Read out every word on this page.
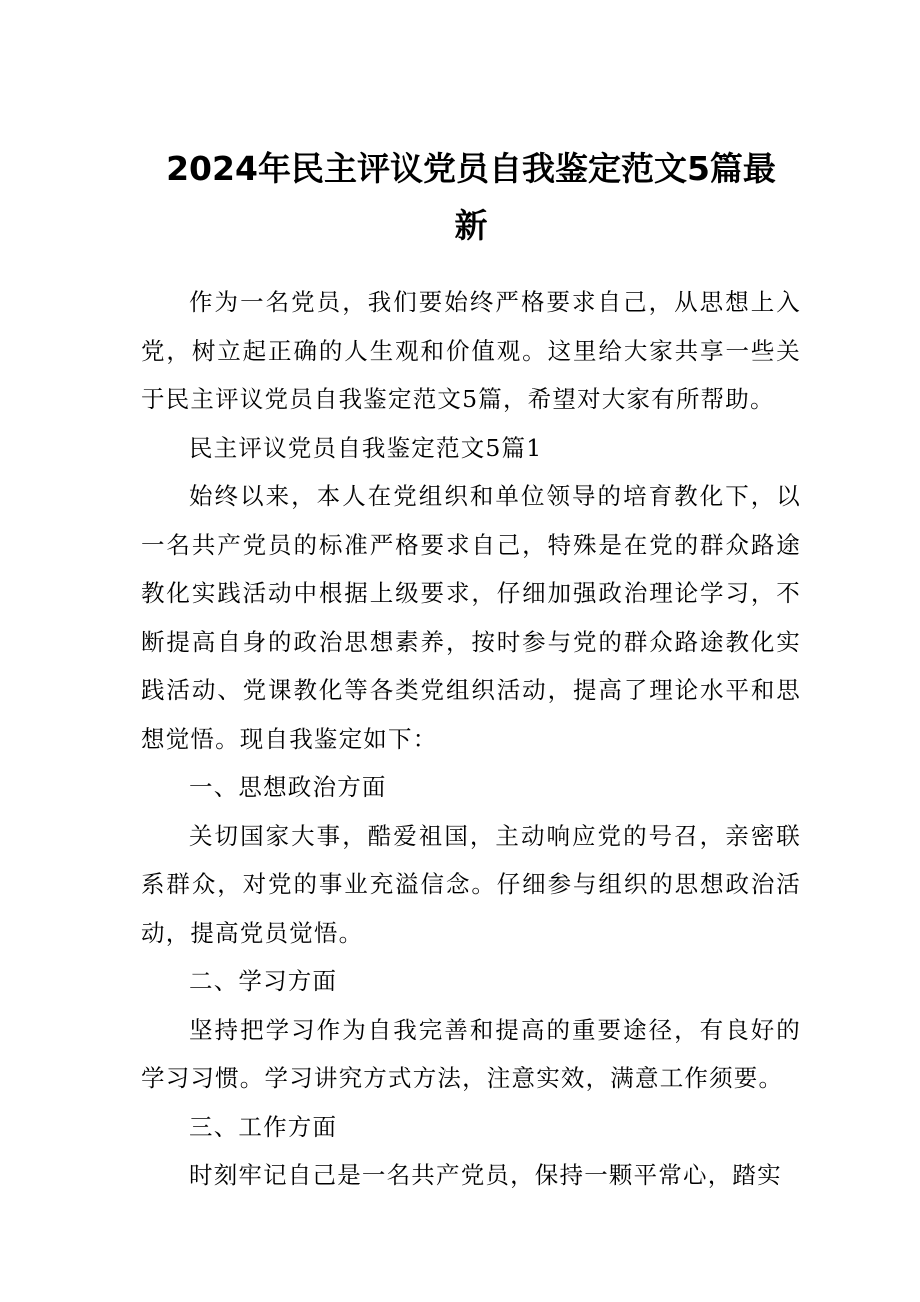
2024年民主评议党员自我鉴定范文5篇最
新

作为一名党员，我们要始终严格要求自己，从思想上入党，树立起正确的人生观和价值观。这里给大家共享一些关于民主评议党员自我鉴定范文5篇，希望对大家有所帮助。

民主评议党员自我鉴定范文5篇1

始终以来，本人在党组织和单位领导的培育教化下，以一名共产党员的标准严格要求自己，特殊是在党的群众路途教化实践活动中根据上级要求，仔细加强政治理论学习，不断提高自身的政治思想素养，按时参与党的群众路途教化实践活动、党课教化等各类党组织活动，提高了理论水平和思想觉悟。现自我鉴定如下：

一、思想政治方面

关切国家大事，酷爱祖国，主动响应党的号召，亲密联系群众，对党的事业充溢信念。仔细参与组织的思想政治活动，提高党员觉悟。

二、学习方面

坚持把学习作为自我完善和提高的重要途径，有良好的学习习惯。学习讲究方式方法，注意实效，满意工作须要。

三、工作方面

时刻牢记自己是一名共产党员，保持一颗平常心，踏实
